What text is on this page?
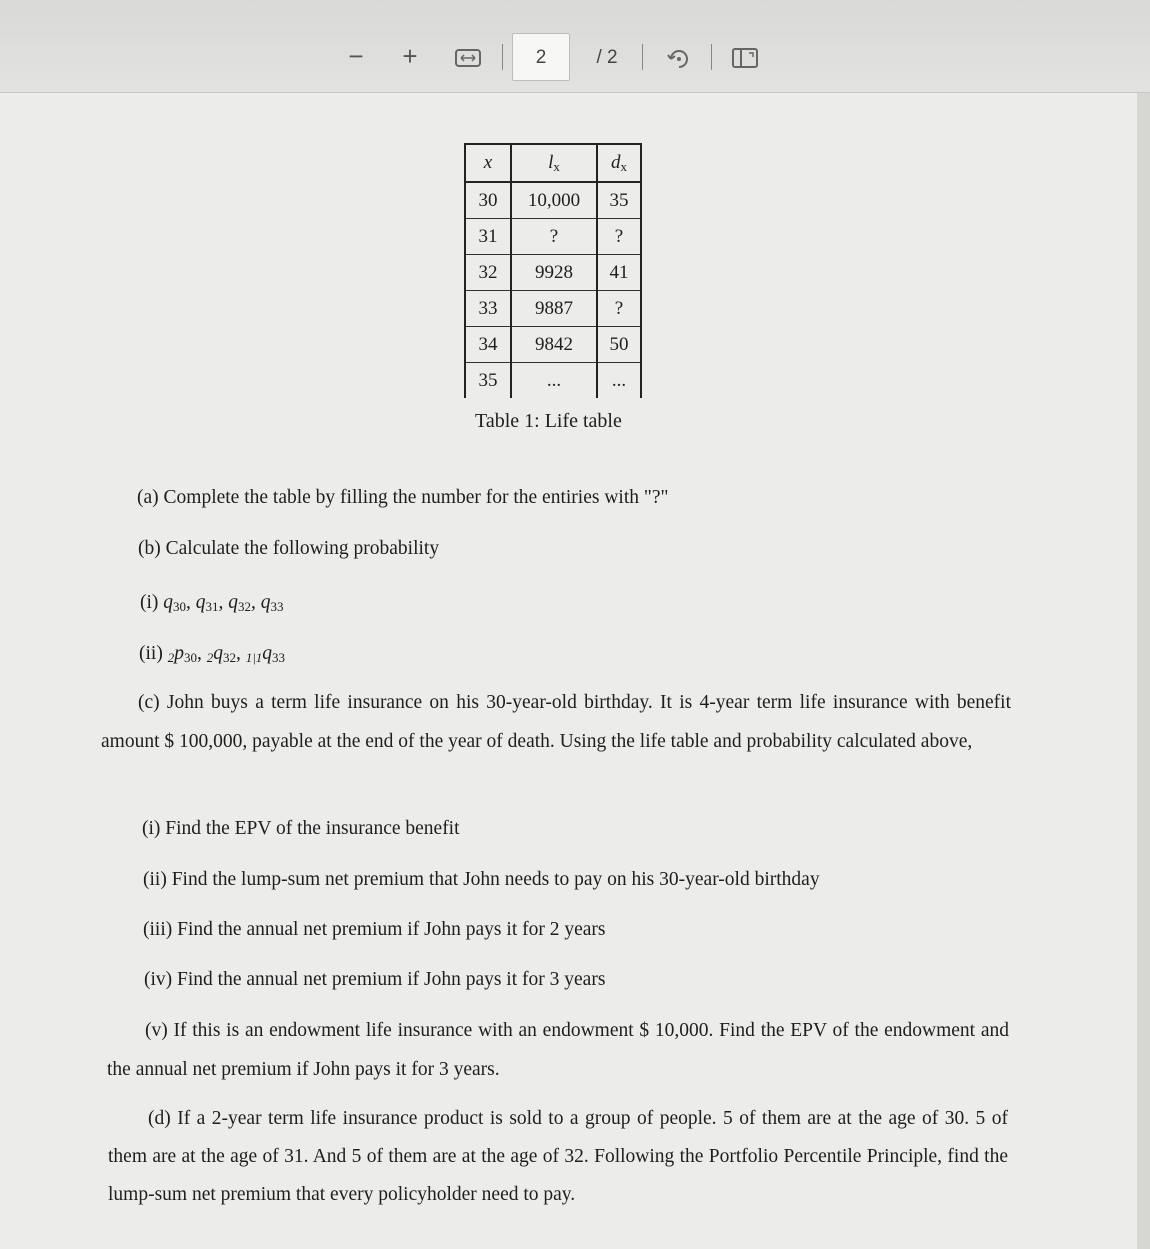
− +	2	/ 2
x	$l_x$	$d_x$
30	10,000	35
31	?	?
32	9928	41
33	9887	?
34	9842	50
35	...	...
Table 1: Life table
(a) Complete the table by filling the number for the entiries with "?"
(b) Calculate the following probability
(i) $q_{30}$, $q_{31}$, $q_{32}$, $q_{33}$
(ii) $2p_{30}$, $2q_{32}$, $1|1q_{33}$
(c) John buys a term life insurance on his 30-year-old birthday. It is 4-year term life insurance with benefit amount $ 100,000, payable at the end of the year of death. Using the life table and probability calculated above,
(i) Find the EPV of the insurance benefit
(ii) Find the lump-sum net premium that John needs to pay on his 30-year-old birthday
(iii) Find the annual net premium if John pays it for 2 years
(iv) Find the annual net premium if John pays it for 3 years
(v) If this is an endowment life insurance with an endowment $ 10,000. Find the EPV of the endowment and the annual net premium if John pays it for 3 years.
(d) If a 2-year term life insurance product is sold to a group of people. 5 of them are at the age of 30. 5 of them are at the age of 31. And 5 of them are at the age of 32. Following the Portfolio Percentile Principle, find the lump-sum net premium that every policyholder need to pay.
